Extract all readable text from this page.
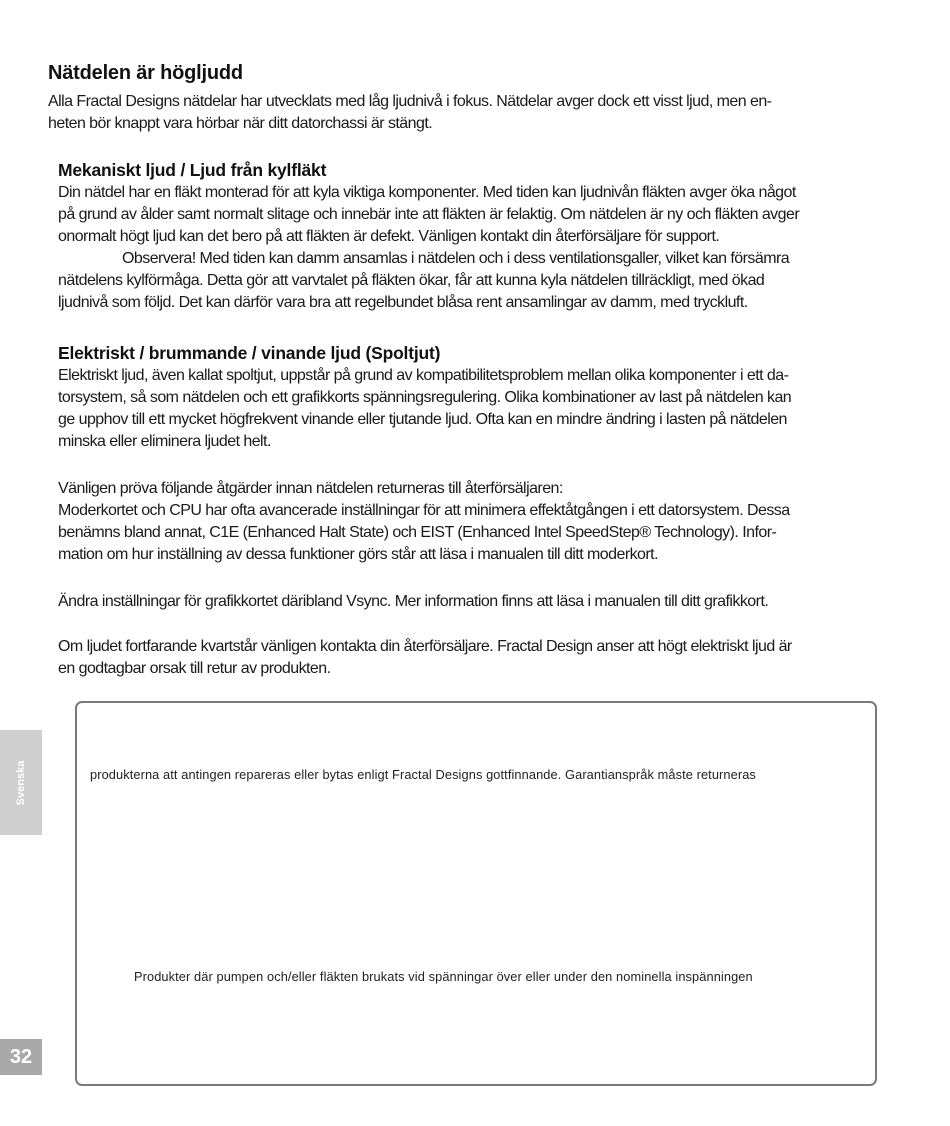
Nätdelen är högljudd

Alla Fractal Designs nätdelar har utvecklats med låg ljudnivå i fokus. Nätdelar avger dock ett visst ljud, men en-
heten bör knappt vara hörbar när ditt datorchassi är stängt.

Mekaniskt ljud / Ljud från kylfläkt

Din nätdel har en fläkt monterad för att kyla viktiga komponenter. Med tiden kan ljudnivån fläkten avger öka något
på grund av ålder samt normalt slitage och innebär inte att fläkten är felaktig. Om nätdelen är ny och fläkten avger
onormalt högt ljud kan det bero på att fläkten är defekt. Vänligen kontakt din återförsäljare för support.
Observera! Med tiden kan damm ansamlas i nätdelen och i dess ventilationsgaller, vilket kan försämra
nätdelens kylförmåga. Detta gör att varvtalet på fläkten ökar, får att kunna kyla nätdelen tillräckligt, med ökad
ljudnivå som följd. Det kan därför vara bra att regelbundet blåsa rent ansamlingar av damm, med tryckluft.

Elektriskt / brummande / vinande ljud (Spoltjut)

Elektriskt ljud, även kallat spoltjut, uppstår på grund av kompatibilitetsproblem mellan olika komponenter i ett da-
torsystem, så som nätdelen och ett grafikkorts spänningsregulering. Olika kombinationer av last på nätdelen kan
ge upphov till ett mycket högfrekvent vinande eller tjutande ljud. Ofta kan en mindre ändring i lasten på nätdelen
minska eller eliminera ljudet helt.

Vänligen pröva följande åtgärder innan nätdelen returneras till återförsäljaren:
Moderkortet och CPU har ofta avancerade inställningar för att minimera effektåtgången i ett datorsystem. Dessa
benämns bland annat, C1E (Enhanced Halt State) och EIST (Enhanced Intel SpeedStep® Technology). Infor-
mation om hur inställning av dessa funktioner görs står att läsa i manualen till ditt moderkort.

Ändra inställningar för grafikkortet däribland Vsync. Mer information finns att läsa i manualen till ditt grafikkort.

Om ljudet fortfarande kvartstår vänligen kontakta din återförsäljare. Fractal Design anser att högt elektriskt ljud är
en godtagbar orsak till retur av produkten.

produkterna att antingen repareras eller bytas enligt Fractal Designs gottfinnande. Garantianspråk måste returneras
Produkter där pumpen och/eller fläkten brukats vid spänningar över eller under den nominella inspänningen
Svenska
32
